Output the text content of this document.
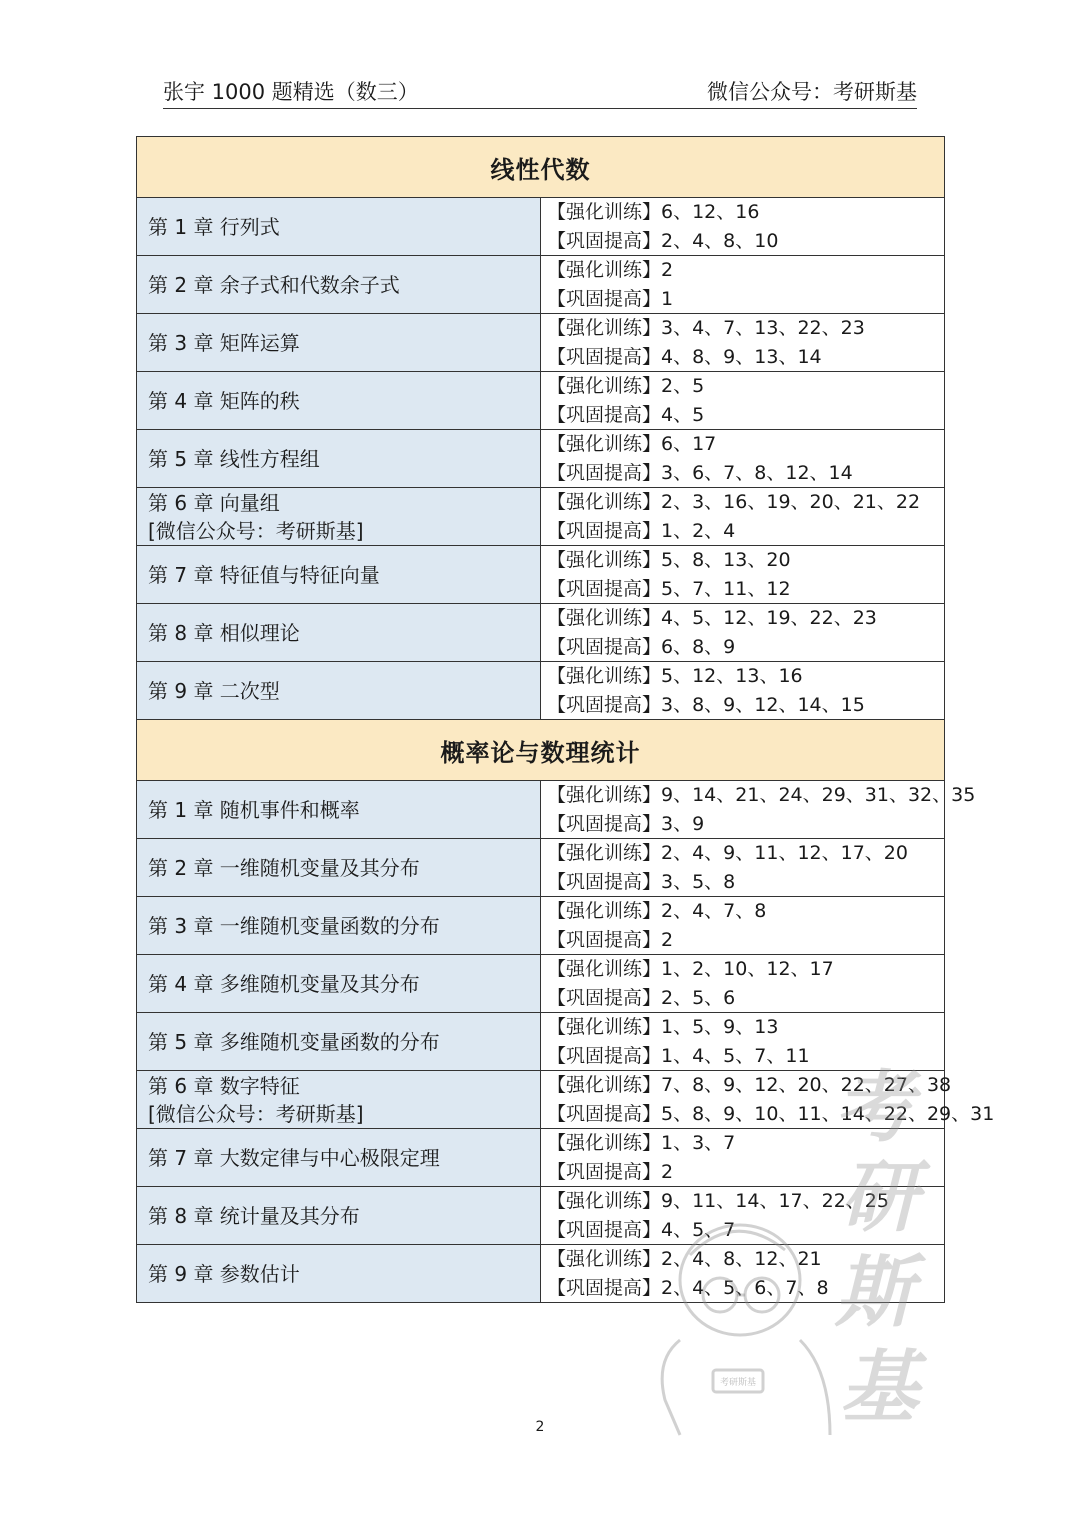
张宇 1000 题精选（数三）	微信公众号：考研斯基
线性代数	

第 1 章 行列式	【强化训练】6、12、16
【巩固提高】2、4、8、10

第 2 章 余子式和代数余子式	【强化训练】2
【巩固提高】1

第 3 章 矩阵运算	【强化训练】3、4、7、13、22、23
【巩固提高】4、8、9、13、14

第 4 章 矩阵的秩	【强化训练】2、5
【巩固提高】4、5

第 5 章 线性方程组	【强化训练】6、17
【巩固提高】3、6、7、8、12、14

第 6 章 向量组
[微信公众号：考研斯基]	【强化训练】2、3、16、19、20、21、22
【巩固提高】1、2、4

第 7 章 特征值与特征向量	【强化训练】5、8、13、20
【巩固提高】5、7、11、12

第 8 章 相似理论	【强化训练】4、5、12、19、22、23
【巩固提高】6、8、9

第 9 章 二次型	【强化训练】5、12、13、16
【巩固提高】3、8、9、12、14、15

概率论与数理统计	

第 1 章 随机事件和概率	【强化训练】9、14、21、24、29、31、32、35
【巩固提高】3、9

第 2 章 一维随机变量及其分布	【强化训练】2、4、9、11、12、17、20
【巩固提高】3、5、8

第 3 章 一维随机变量函数的分布	【强化训练】2、4、7、8
【巩固提高】2

第 4 章 多维随机变量及其分布	【强化训练】1、2、10、12、17
【巩固提高】2、5、6

第 5 章 多维随机变量函数的分布	【强化训练】1、5、9、13
【巩固提高】1、4、5、7、11

第 6 章 数字特征
[微信公众号：考研斯基]	【强化训练】7、8、9、12、20、22、27、38
【巩固提高】5、8、9、10、11、14、22、29、31

第 7 章 大数定律与中心极限定理	【强化训练】1、3、7
【巩固提高】2

第 8 章 统计量及其分布	【强化训练】9、11、14、17、22、25
【巩固提高】4、5、7

第 9 章 参数估计	【强化训练】2、4、8、12、21
【巩固提高】2、4、5、6、7、8
考研斯基
考
研
斯
基
2
